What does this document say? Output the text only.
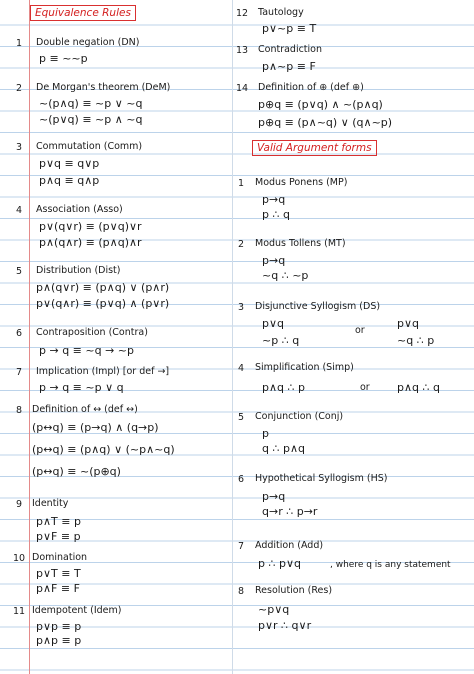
Equivalence Rules
1 Double negation (DN)
p ≡ ~~p
2 De Morgan's theorem (DeM)
~(p∧q) ≡ ~p ∨ ~q
~(p∨q) ≡ ~p ∧ ~q
3 Commutation (Comm)
p∨q ≡ q∨p
p∧q ≡ q∧p
4 Association (Asso)
p∨(q∨r) ≡ (p∨q)∨r
p∧(q∧r) ≡ (p∧q)∧r
5 Distribution (Dist)
p∧(q∨r) ≡ (p∧q) ∨ (p∧r)
p∨(q∧r) ≡ (p∨q) ∧ (p∨r)
6 Contraposition (Contra)
p → q ≡ ~q → ~p
7 Implication (Impl) [or def →]
p → q ≡ ~p ∨ q
8 Definition of ↔ (def ↔)
(p↔q) ≡ (p→q) ∧ (q→p)
(p↔q) ≡ (p∧q) ∨ (~p∧~q)
(p↔q) ≡ ~(p⊕q)
9 Identity
p∧T ≡ p
p∨F ≡ p
10 Domination
p∨T ≡ T
p∧F ≡ F
11 Idempotent (Idem)
p∨p ≡ p
p∧p ≡ p
12 Tautology
p∨~p ≡ T
13 Contradiction
p∧~p ≡ F
14 Definition of ⊕ (def ⊕)
p⊕q ≡ (p∨q) ∧ ~(p∧q)
p⊕q ≡ (p∧~q) ∨ (q∧~p)
Valid Argument forms
1 Modus Ponens (MP)
p→q
p ∴ q
2 Modus Tollens (MT)
p→q
~q ∴ ~p
3 Disjunctive Syllogism (DS)
p∨q
~p ∴ q
or
p∨q
~q ∴ p
4 Simplification (Simp)
p∧q ∴ p	or p∧q ∴ q
5 Conjunction (Conj)
p
q ∴ p∧q
6 Hypothetical Syllogism (HS)
p→q
q→r ∴ p→r
7 Addition (Add)
p ∴ p∨q	, where q is any statement
8 Resolution (Res)
~p∨q
p∨r ∴ q∨r
